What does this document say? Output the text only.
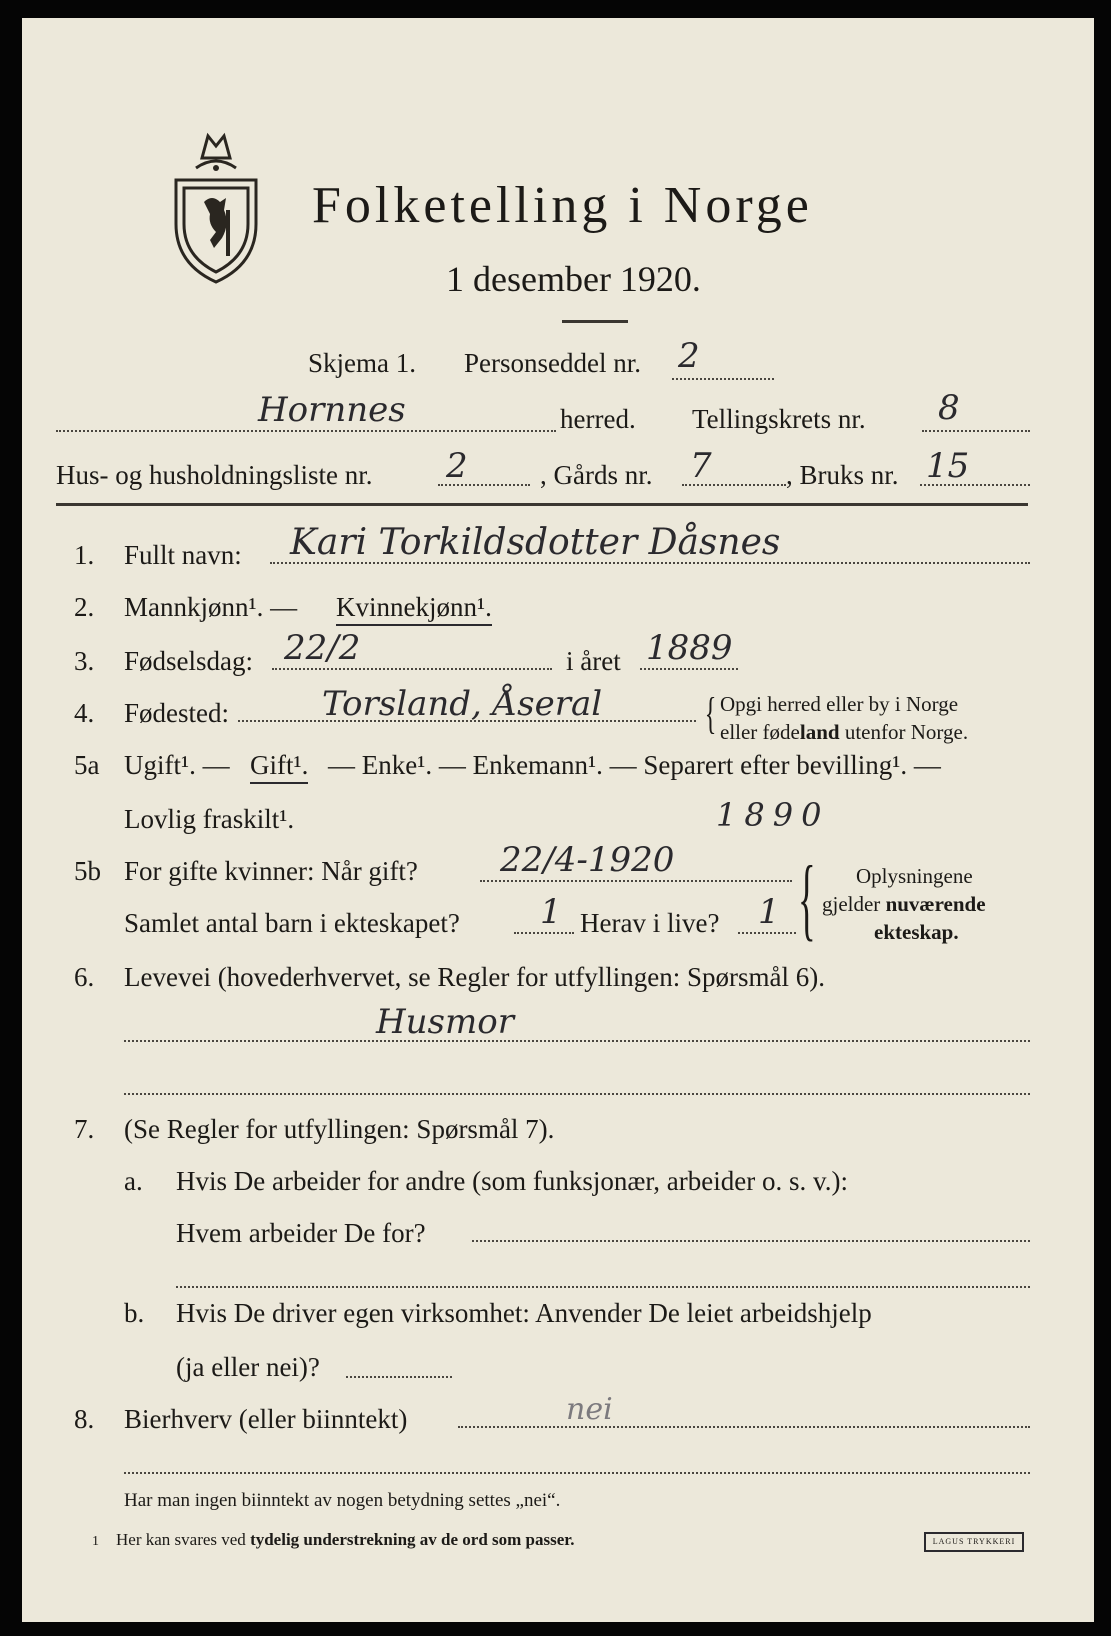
Folketelling i Norge
1 desember 1920.
Skjema 1. Personseddel nr. 2
Hornnes	herred. Tellingskrets nr. 8
Hus- og husholdningsliste nr. 2	, Gårds nr. 7	, Bruks nr. 15
1. Fullt navn: Kari Torkildsdotter Dåsnes
2. Mannkjønn¹. — Kvinnekjønn¹.
3. Fødselsdag: 22/2	i året 1889
4. Fødested:	Torsland, Åseral { Opgi herred eller by i Norge
eller fødeland utenfor Norge.
5a Ugift¹. — Gift¹. — Enke¹. — Enkemann¹. — Separert efter bevilling¹. —
Lovlig fraskilt¹.	1890
5b For gifte kvinner: Når gift? 22/4-1920
Samlet antal barn i ekteskapet? 1 Herav i live? 1 { Oplysningene
gjelder nuværende
ekteskap.
6. Levevei (hovederhvervet, se Regler for utfyllingen: Spørsmål 6).
Husmor
7. (Se Regler for utfyllingen: Spørsmål 7).
a. Hvis De arbeider for andre (som funksjonær, arbeider o. s. v.):
Hvem arbeider De for?
b. Hvis De driver egen virksomhet: Anvender De leiet arbeidshjelp
(ja eller nei)?
8. Bierhverv (eller biinntekt)	nei
Har man ingen biinntekt av nogen betydning settes „nei“.
1 Her kan svares ved tydelig understrekning av de ord som passer.	LAGUS TRYKKERI
